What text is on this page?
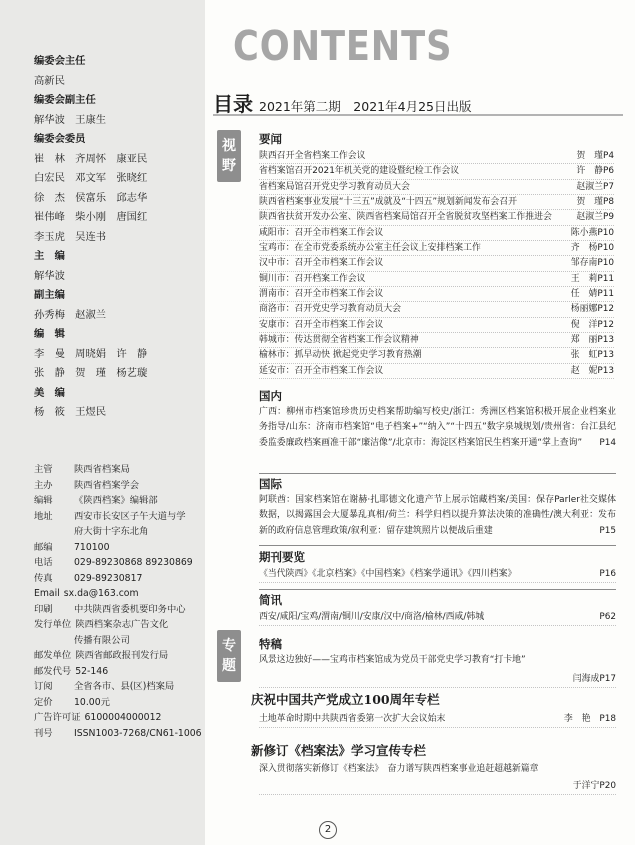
编委会主任
高新民
编委会副主任
解华波　王康生
编委会委员
崔　林　齐周怀　康亚民
白宏民　邓文军　张晓红
徐　杰　侯富乐　邱志华
崔伟峰　柴小刚　唐国红
李玉虎　吴连书
主　编
解华波
副主编
孙秀梅　赵淑兰
编　辑
李　曼　周晓娟　许　静
张　静　贺　瑾　杨艺璇
美　编
杨　筱　王煜民
主管	陕西省档案局
主办	陕西省档案学会
编辑	《陕西档案》编辑部
地址	西安市长安区子午大道与学
府大街十字东北角
邮编	710100
电话	029-89230868 89230869
传真	029-89230817
Email sx.da@163.com
印刷	中共陕西省委机要印务中心
发行单位 陕西档案杂志广告文化
传播有限公司
邮发单位 陕西省邮政报刊发行局
邮发代号 52-146
订阅	全省各市、县(区)档案局
定价	10.00元
广告许可证 6100004000012
刊号	ISSN1003-7268/CN61-1006
CONTENTS
目录 2021年第二期　2021年4月25日出版
视
野
要闻
陕西召开全省档案工作会议	贺　瑾 P4
省档案馆召开2021年机关党的建设暨纪检工作会议	许　静 P6
省档案局馆召开党史学习教育动员大会	赵淑兰 P7
陕西省档案事业发展“十三五”成就及“十四五”规划新闻发布会召开	贺　瑾 P8
陕西省扶贫开发办公室、陕西省档案局馆召开全省脱贫攻坚档案工作推进会	赵淑兰 P9
咸阳市：召开全市档案工作会议	陈小燕 P10
宝鸡市：在全市党委系统办公室主任会议上安排档案工作	齐　杨 P10
汉中市：召开全市档案工作会议	邹存南 P10
铜川市：召开档案工作会议	王　莉 P11
渭南市：召开全市档案工作会议	任　婧 P11
商洛市：召开党史学习教育动员大会	杨丽娜 P12
安康市：召开全市档案工作会议	倪　洋 P12
韩城市：传达贯彻全省档案工作会议精神	郑　丽 P13
榆林市：抓早动快 掀起党史学习教育热潮	张　虹 P13
延安市：召开全市档案工作会议	赵　妮 P13
国内
广西：柳州市档案馆珍贵历史档案帮助编写校史/浙江：秀洲区档案馆积极开展企业档案业务指导/山东：济南市档案馆“电子档案+”“纳入”“十四五”数字泉城规划/贵州省：台江县纪委监委廉政档案画准干部“廉洁像”/北京市：海淀区档案馆民生档案开通“掌上查询” P14
国际
阿联酋：国家档案馆在谢赫·扎耶德文化遗产节上展示馆藏档案/美国：保存Parler社交媒体数据，以揭露国会大厦暴乱真相/荷兰：科学归档以提升算法决策的准确性/澳大利亚：发布新的政府信息管理政策/叙利亚：留存建筑照片以便战后重建	P15
期刊要览
《当代陕西》《北京档案》《中国档案》《档案学通讯》《四川档案》	P16
简讯
西安/咸阳/宝鸡/渭南/铜川/安康/汉中/商洛/榆林/西咸/韩城	P62
专
题
特稿
风景这边独好——宝鸡市档案馆成为党员干部党史学习教育“打卡地”
闫海成P17
庆祝中国共产党成立100周年专栏
土地革命时期中共陕西省委第一次扩大会议始末	李　艳　 P18
新修订《档案法》学习宣传专栏
深入贯彻落实新修订《档案法》　奋力谱写陕西档案事业追赶超越新篇章
于洋宁P20
2
